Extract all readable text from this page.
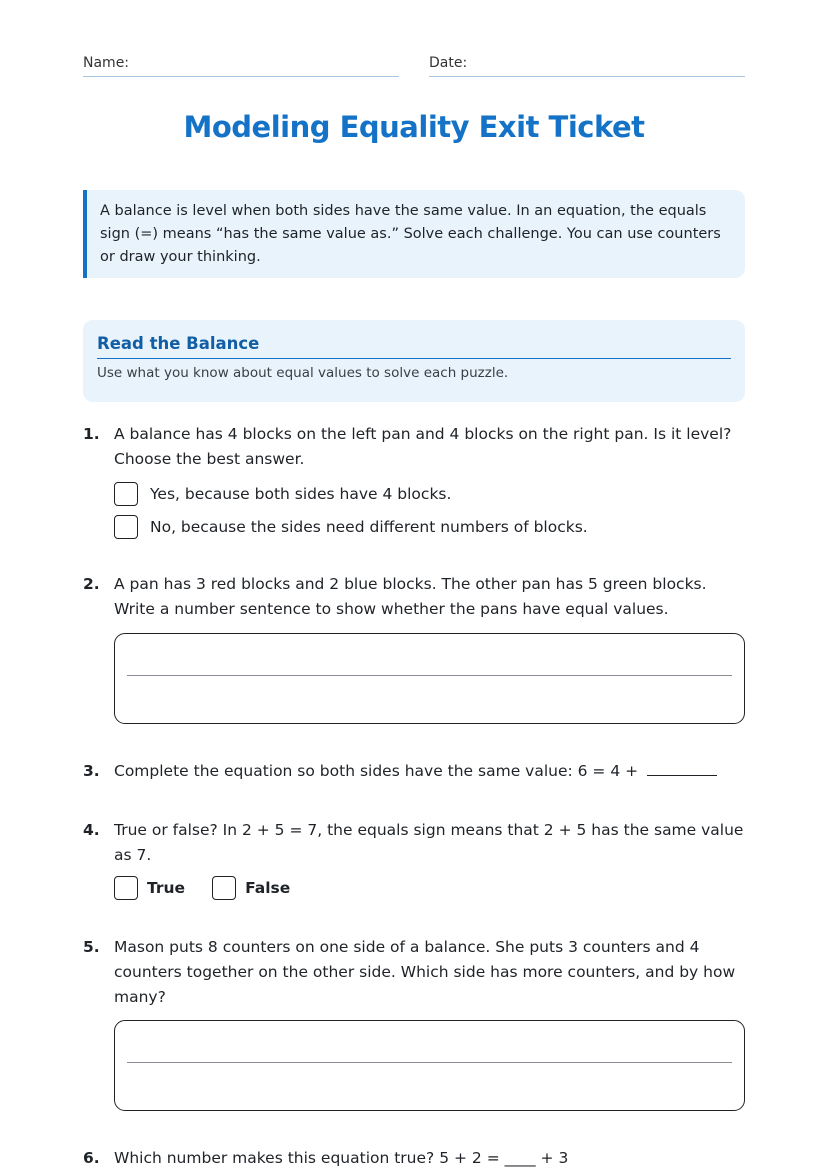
Name:	Date:
Modeling Equality Exit Ticket
A balance is level when both sides have the same value. In an equation, the equals sign (=) means “has the same value as.” Solve each challenge. You can use counters or draw your thinking.
Read the Balance
Use what you know about equal values to solve each puzzle.
1. A balance has 4 blocks on the left pan and 4 blocks on the right pan. Is it level? Choose the best answer.
Yes, because both sides have 4 blocks.
No, because the sides need different numbers of blocks.
2. A pan has 3 red blocks and 2 blue blocks. The other pan has 5 green blocks. Write a number sentence to show whether the pans have equal values.
3. Complete the equation so both sides have the same value: 6 = 4 +
4. True or false? In 2 + 5 = 7, the equals sign means that 2 + 5 has the same value as 7.
True	False
5. Mason puts 8 counters on one side of a balance. She puts 3 counters and 4 counters together on the other side. Which side has more counters, and by how many?
6. Which number makes this equation true? 5 + 2 = ____ + 3
